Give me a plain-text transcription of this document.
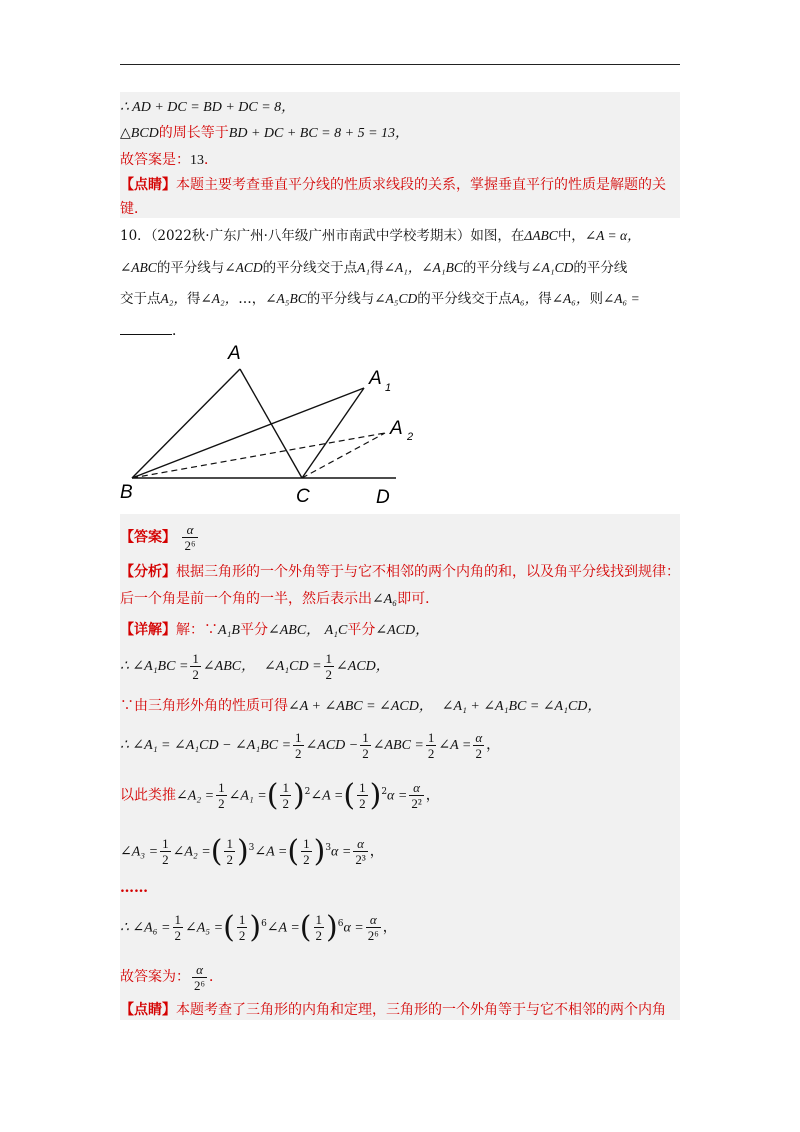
∴ AD + DC = BD + DC = 8，
△BCD的周长等于BD + DC + BC = 8 + 5 = 13，
故答案是：13．
【点睛】本题主要考查垂直平分线的性质求线段的关系，掌握垂直平行的性质是解题的关
键．
10．（2022秋·广东广州·八年级广州市南武中学校考期末）如图，在ΔABC中，∠A = α，
∠ABC的平分线与∠ACD的平分线交于点A₁得∠A₁，∠A₁BC的平分线与∠A₁CD的平分线
交于点A₂，得∠A₂，…，∠A₅BC的平分线与∠A₅CD的平分线交于点A₆，得∠A₆，则∠A₆ =
．
A
A 1
A 2
B	C	D
【答案】 $\frac{\alpha}{\text{2⁶}}$
【分析】根据三角形的一个外角等于与它不相邻的两个内角的和，以及角平分线找到规律：
后一个角是前一个角的一半，然后表示出∠A₆即可．
【详解】解：∵A₁B平分∠ABC， A₁C平分∠ACD，
∴ ∠A₁BC = $\frac{1}{2}$ ∠ABC， ∠A₁CD = $\frac{1}{2}$ ∠ACD，
∵由三角形外角的性质可得∠A + ∠ABC = ∠ACD， ∠A₁ + ∠A₁BC = ∠A₁CD，
∴ ∠A₁ = ∠A₁CD − ∠A₁BC = $\frac{1}{2}$ ∠ACD − $\frac{1}{2}$ ∠ABC = $\frac{1}{2}$ ∠A = $\frac{\alpha}{2}$ ，
以此类推∠A₂ = $\frac{1}{2}$ ∠A₁ =( $\frac{1}{2}$ )$^2$∠A =( $\frac{1}{2} )^2\alpha = \frac{\alpha}{\text{2²}}$ ，
∠A₃ = $\frac{1}{2}$ ∠A₂ =( $\frac{1}{2}$ )$^3$∠A =( $\frac{1}{2} )^3\alpha = \frac{\alpha}{\text{2³}}$ ，
……
∴ ∠A₆ = $\frac{1}{2}$ ∠A₅ =( $\frac{1}{2}$ )$^6$∠A =( $\frac{1}{2} )^6\alpha = \frac{\alpha}{\text{2⁶}}$ ，
故答案为： $\frac{\alpha}{\text{2⁶}}$ ．
【点睛】本题考查了三角形的内角和定理，三角形的一个外角等于与它不相邻的两个内角
